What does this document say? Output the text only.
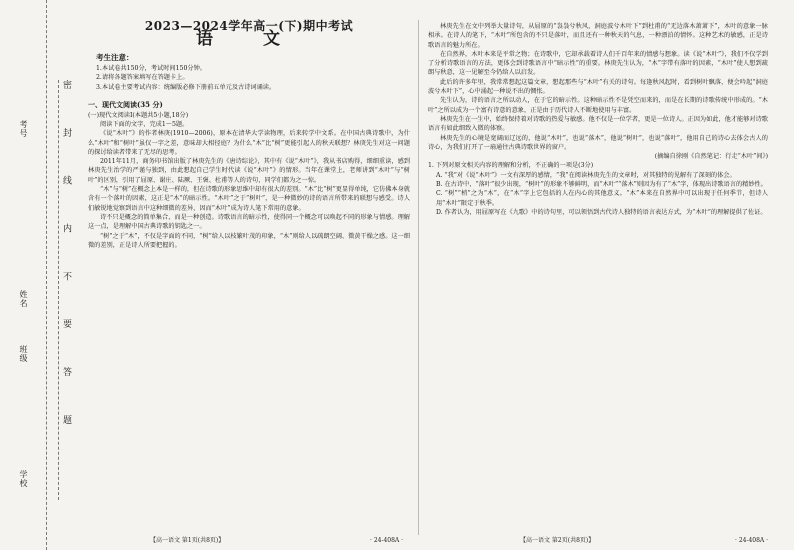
考号
姓名
班级
学校
密 封 线 内 不 要 答 题
2023—2024学年高一(下)期中考试
语 文
考生注意：
1.本试卷共150分，考试时间150分钟。
2.请将各题答案填写在答题卡上。
3.本试卷主要考试内容：统编版必修下册前五单元及古诗词诵读。
一、现代文阅读(35 分)

(一)现代文阅读Ⅰ(本题共5小题,18分)

阅读下面的文字，完成1～5题。

《说“木叶”》的作者林庚(1910—2006)，原本在清华大学读物理，后来转学中文系。在中国古典诗歌中，为什么“木叶”和“树叶”虽仅一字之差，意味却大相径庭？为什么“木”比“树”更能引起人的秋天联想？林庚先生对这一问题的探讨给读者带来了无尽的思考。

2011年11月，商务印书馆出版了林庚先生的《唐诗综论》，其中有《说“木叶”》，我从书店购得，细细重读，感到林庚先生治学的严谨与独到，由此想起自己学生时代读《说“木叶”》的情形。当年在课堂上，老师讲到“木叶”与“树叶”的区别，引用了屈原、谢庄、陆厥、王褒、杜甫等人的诗句，同学们都为之一惊。

“木”与“树”在概念上本是一样的，但在诗歌的形象思维中却有很大的差别。“木”比“树”更显得单纯，它仿佛本身就含有一个落叶的因素，这正是“木”的暗示性。“木叶”之于“树叶”，是一种微妙的诗的语言所带来的联想与感受。诗人们敏锐地觉察到语言中这种细微的差异，因而“木叶”成为诗人笔下常用的意象。

诗不只是概念的简单集合，而是一种创造。诗歌语言的暗示性，使得同一个概念可以唤起不同的形象与情感。理解这一点，是理解中国古典诗歌的钥匙之一。

“树”之于“木”，不仅是字面的不同，“树”给人以枝繁叶茂的印象，“木”则给人以疏朗空阔、微黄干燥之感。这一细微的差别，正是诗人所要把握的。

林庚先生在文中列举大量诗句，从屈原的“袅袅兮秋风，洞庭波兮木叶下”到杜甫的“无边落木萧萧下”，木叶的意象一脉相承。在诗人的笔下，“木叶”所包含的不只是落叶，而且还有一种秋天的气息，一种漂泊的情怀。这种艺术的敏感，正是诗歌语言的魅力所在。

在自然界，木叶本来是平常之物；在诗歌中，它却承载着诗人们千百年来的情感与想象。读《说“木叶”》，我们不仅学到了分析诗歌语言的方法，更体会到诗歌语言中“暗示性”的重要。林庚先生认为，“木”字带有落叶的因素，“木叶”使人想到疏朗与秋意，这一见解至今仍给人以启发。

此后的许多年里，我常常想起这篇文章，想起那些与“木叶”有关的诗句。每逢秋风起时，看到树叶飘落，便会吟起“洞庭波兮木叶下”，心中涌起一种说不出的惆怅。

先生认为，诗的语言之所以动人，在于它的暗示性。这种暗示性不是凭空而来的，而是在长期的诗歌传统中形成的。“木叶”之所以成为一个富有诗意的意象，正是由于历代诗人不断地使用与丰富。

林庚先生在一生中，始终保持着对诗歌的热爱与敏感。他不仅是一位学者，更是一位诗人。正因为如此，他才能够对诗歌语言有如此细致入微的体察。

林庚先生的心境是宽阔而辽远的，他说“木叶”，也说“落木”，他说“树叶”，也说“落叶”，他用自己的诗心去体会古人的诗心，为我们打开了一扇通往古典诗歌世界的窗户。

(摘编自徐刚《自然笔记：行走“木叶”间》)

1. 下列对原文相关内容的理解和分析，不正确的一项是(3分)

A. “我”对《说“木叶”》一文有深厚的感情，“我”在阅读林庚先生的文章时，对其独特的见解有了深刻的体会。

B. 在古诗中，“落叶”很少出现，“树叶”的形象不够鲜明，而“木叶”“落木”则因为有了“木”字，体现出诗歌语言的精妙性。

C. “树”“梢”之为“木”，在“木”字上它包括的人在内心的其他意义。“木”本来在自然界中可以出现于任何季节，但诗人用“木叶”限定于秋季。

D. 作者认为，用屈原写在《九歌》中的诗句里，可以领悟到古代诗人独特的语言表达方式，为“木叶”的理解提供了佐证。

【高一语文 第1页(共8页)】	· 24-408A ·	【高一语文 第2页(共8页)】	· 24-408A ·
